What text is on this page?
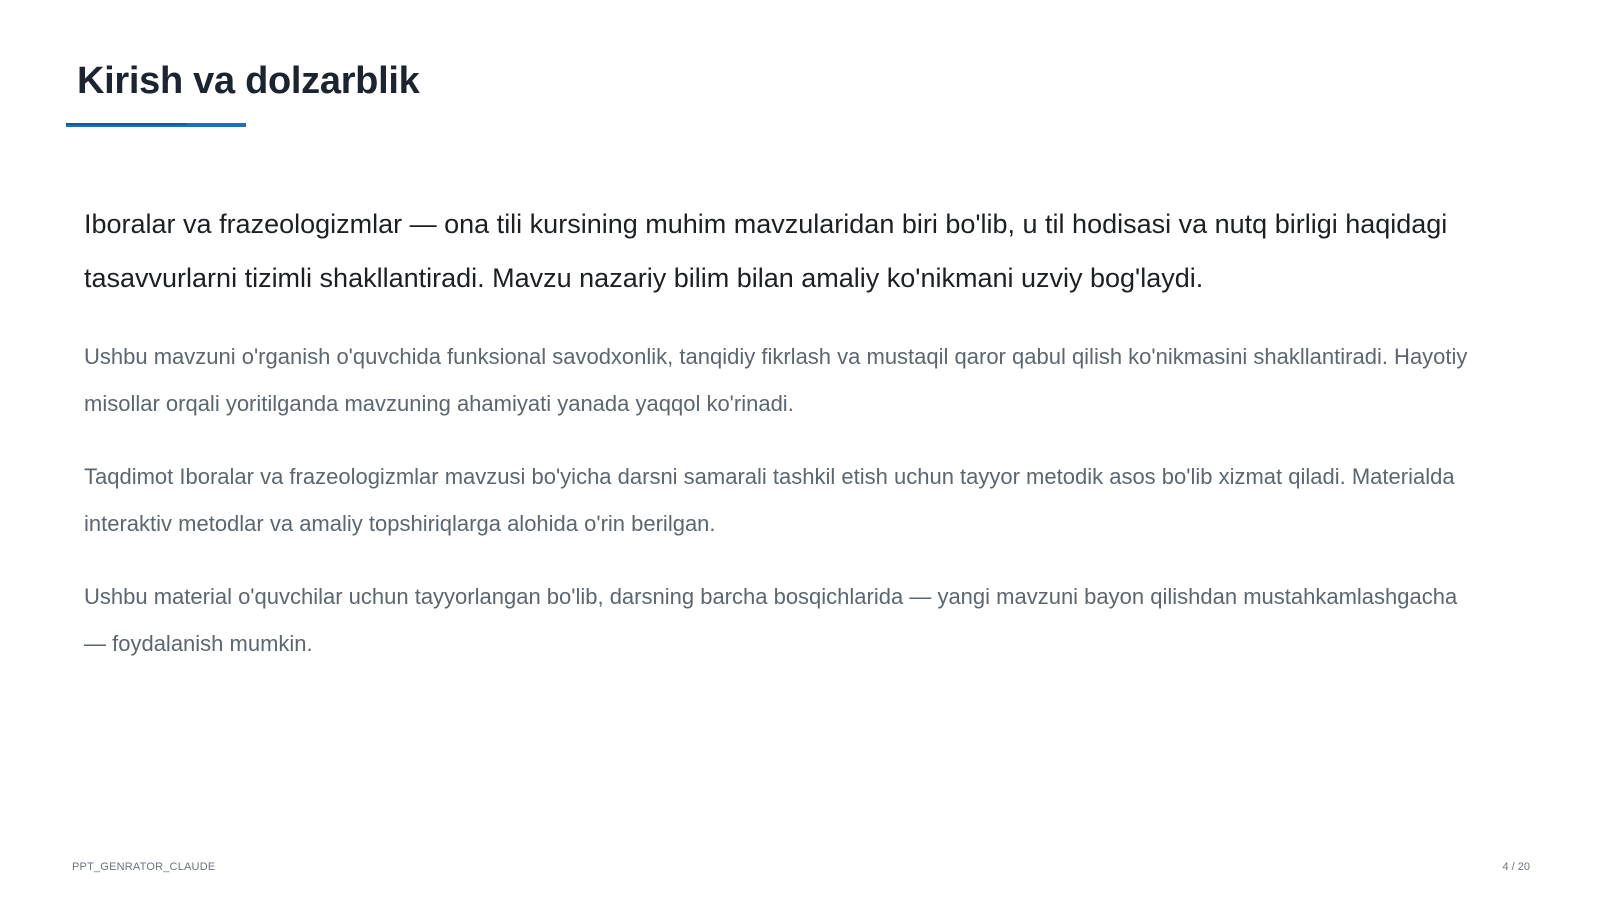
Kirish va dolzarblik

Iboralar va frazeologizmlar — ona tili kursining muhim mavzularidan biri bo'lib, u til hodisasi va nutq birligi haqidagi tasavvurlarni tizimli shakllantiradi. Mavzu nazariy bilim bilan amaliy ko'nikmani uzviy bog'laydi.

Ushbu mavzuni o'rganish o'quvchida funksional savodxonlik, tanqidiy fikrlash va mustaqil qaror qabul qilish ko'nikmasini shakllantiradi. Hayotiy misollar orqali yoritilganda mavzuning ahamiyati yanada yaqqol ko'rinadi.

Taqdimot Iboralar va frazeologizmlar mavzusi bo'yicha darsni samarali tashkil etish uchun tayyor metodik asos bo'lib xizmat qiladi. Materialda interaktiv metodlar va amaliy topshiriqlarga alohida o'rin berilgan.

Ushbu material o'quvchilar uchun tayyorlangan bo'lib, darsning barcha bosqichlarida — yangi mavzuni bayon qilishdan mustahkamlashgacha — foydalanish mumkin.

PPT_GENRATOR_CLAUDE	4 / 20
